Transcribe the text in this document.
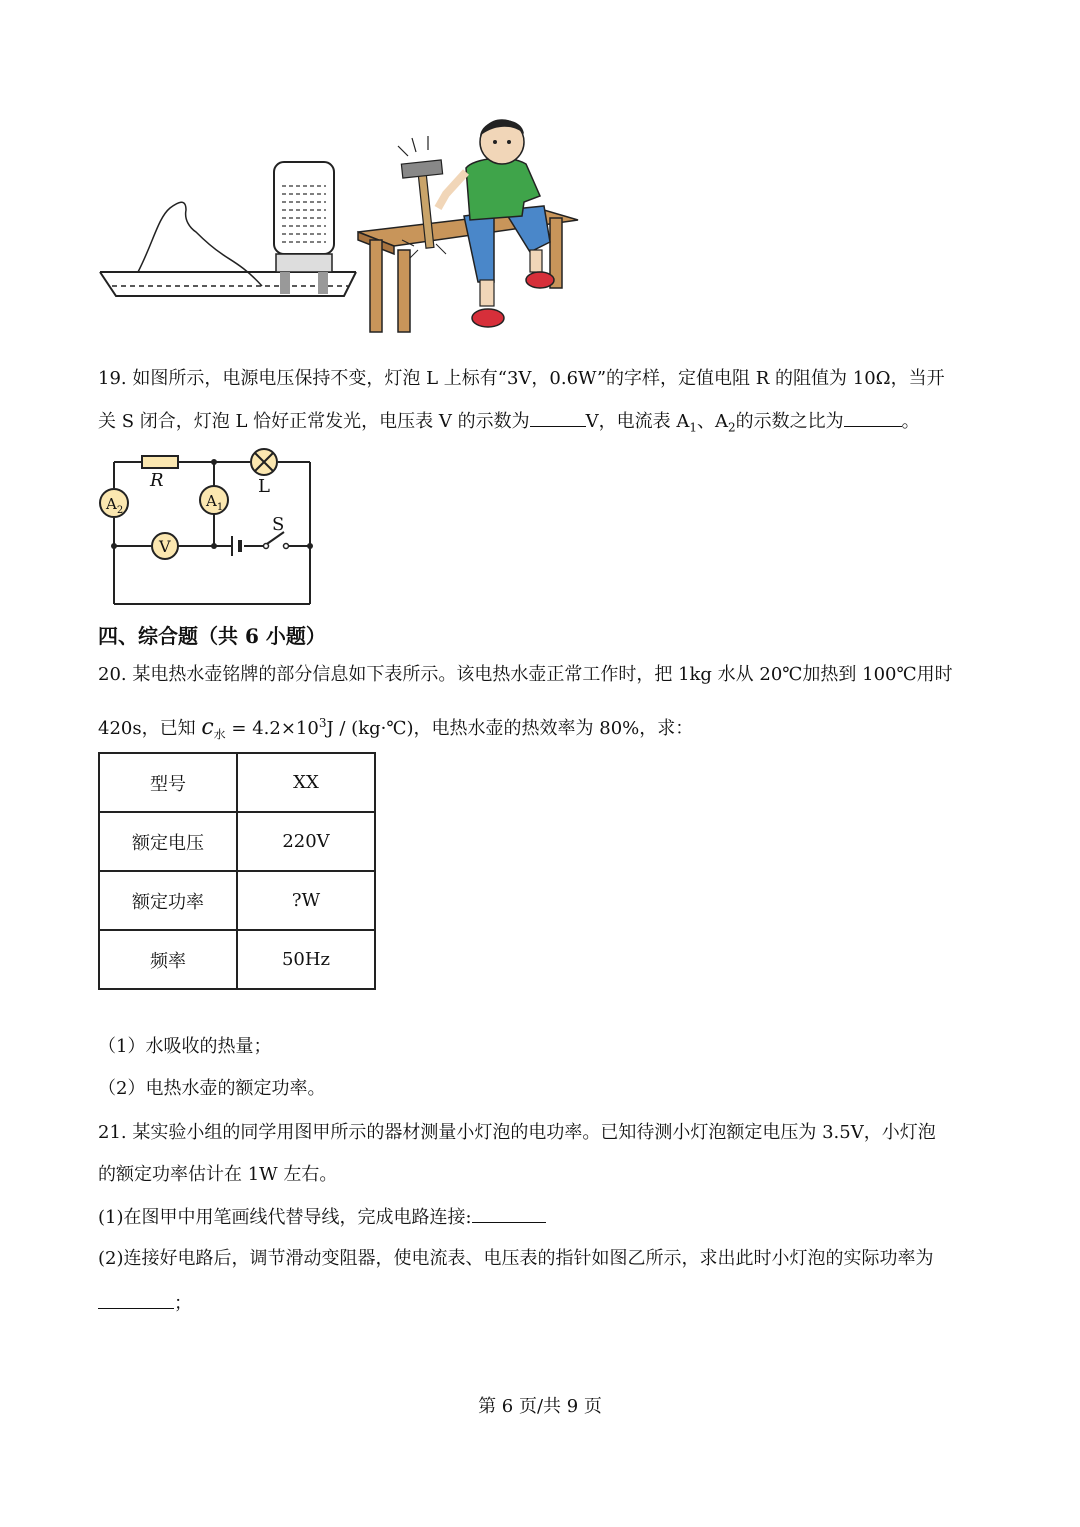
19. 如图所示，电源电压保持不变，灯泡 L 上标有“3V，0.6W”的字样，定值电阻 R 的阻值为 10Ω，当开
关 S 闭合，灯泡 L 恰好正常发光，电压表 V 的示数为	V，电流表 $A_1$、$A_2$的示数之比为	。
R	L
$A_2$
$A_1$
V
S
四、综合题（共 6 小题）
20. 某电热水壶铭牌的部分信息如下表所示。该电热水壶正常工作时，把 1kg 水从 20℃加热到 100℃用时
420s，已知 $c_水 = 4.2\times 10^3J$ / (kg·℃)，电热水壶的热效率为 80%，求：
型号	XX
额定电压	220V
额定功率	?W
频率	50Hz
（1）水吸收的热量；
（2）电热水壶的额定功率。
21. 某实验小组的同学用图甲所示的器材测量小灯泡的电功率。已知待测小灯泡额定电压为 3.5V，小灯泡
的额定功率估计在 1W 左右。
(1)在图甲中用笔画线代替导线，完成电路连接:
(2)连接好电路后，调节滑动变阻器，使电流表、电压表的指针如图乙所示，求出此时小灯泡的实际功率为
；
第 6 页/共 9 页
